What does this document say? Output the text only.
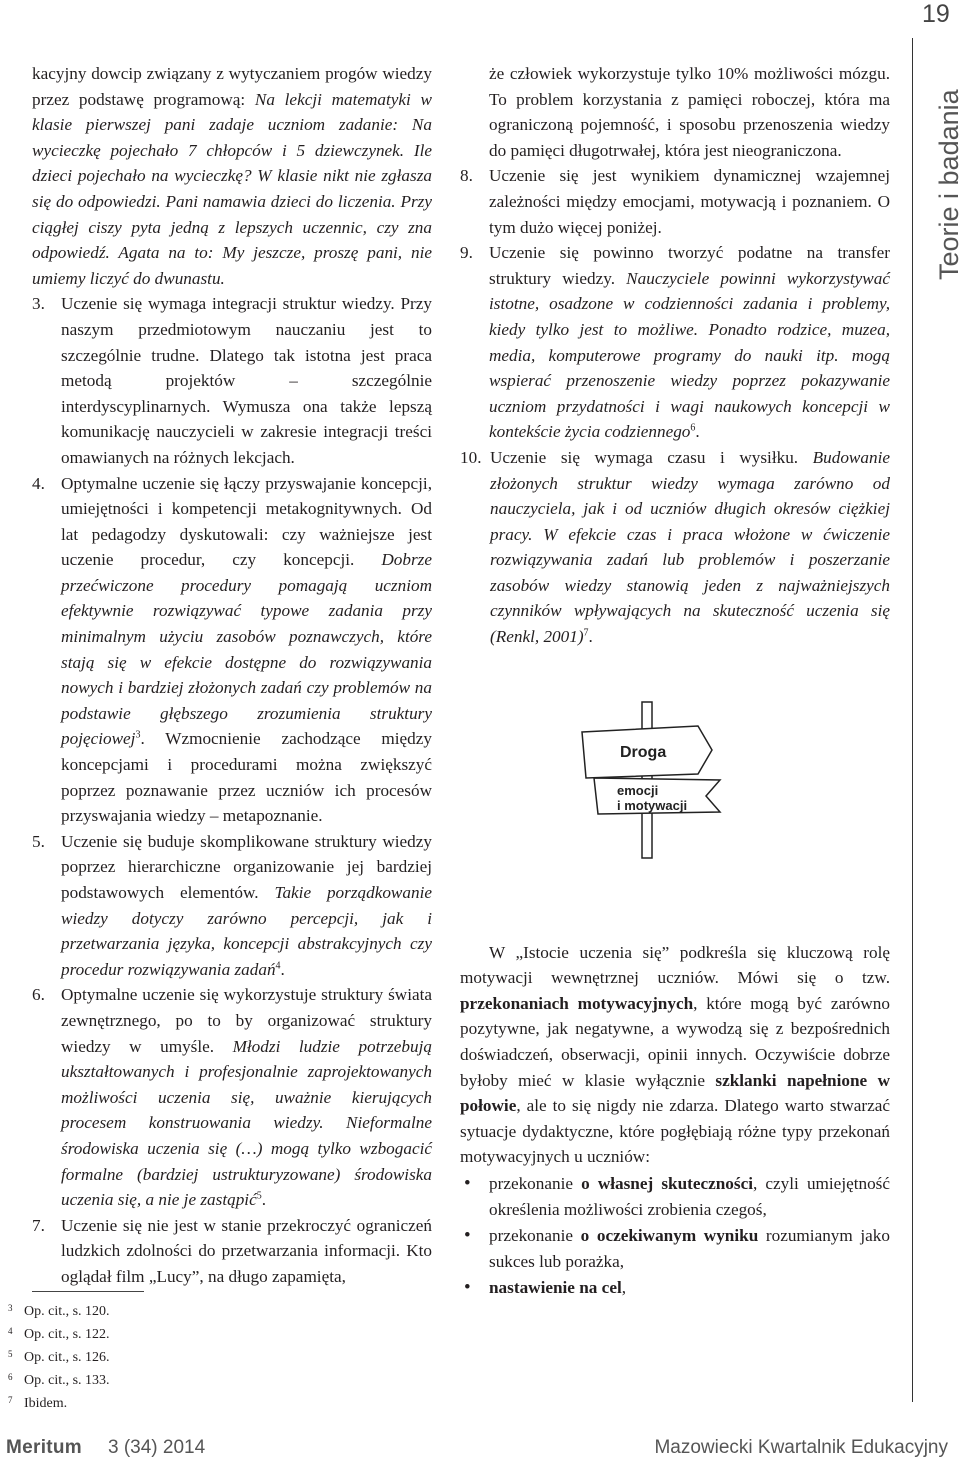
19
Teorie i badania

kacyjny dowcip związany z wytyczaniem progów wiedzy przez podstawę programową: Na lekcji matematyki w klasie pierwszej pani zadaje uczniom zadanie: Na wycieczkę pojechało 7 chłopców i 5 dziewczynek. Ile dzieci pojechało na wycieczkę? W klasie nikt nie zgłasza się do odpowiedzi. Pani namawia dzieci do liczenia. Przy ciągłej ciszy pyta jedną z lepszych uczennic, czy zna odpowiedź. Agata na to: My jeszcze, proszę pani, nie umiemy liczyć do dwunastu.

3. Uczenie się wymaga integracji struktur wiedzy. Przy naszym przedmiotowym nauczaniu jest to szczególnie trudne. Dlatego tak istotna jest praca metodą projektów – szczególnie interdyscyplinarnych. Wymusza ona także lepszą komunikację nauczycieli w zakresie integracji treści omawianych na różnych lekcjach.

4. Optymalne uczenie się łączy przyswajanie koncepcji, umiejętności i kompetencji metakognitywnych. Od lat pedagodzy dyskutowali: czy ważniejsze jest uczenie procedur, czy koncepcji. Dobrze przećwiczone procedury pomagają uczniom efektywnie rozwiązywać typowe zadania przy minimalnym użyciu zasobów poznawczych, które stają się w efekcie dostępne do rozwiązywania nowych i bardziej złożonych zadań czy problemów na podstawie głębszego zrozumienia struktury pojęciowej$^3$. Wzmocnienie zachodzące między koncepcjami i procedurami można zwiększyć poprzez poznawanie przez uczniów ich procesów przyswajania wiedzy – metapoznanie.

5. Uczenie się buduje skomplikowane struktury wiedzy poprzez hierarchiczne organizowanie jej bardziej podstawowych elementów. Takie porządkowanie wiedzy dotyczy zarówno percepcji, jak i przetwarzania języka, koncepcji abstrakcyjnych czy procedur rozwiązywania zadań$^4$.

6. Optymalne uczenie się wykorzystuje struktury świata zewnętrznego, po to by organizować struktury wiedzy w umyśle. Młodzi ludzie potrzebują ukształtowanych i profesjonalnie zaprojektowanych możliwości uczenia się, uważnie kierujących procesem konstruowania wiedzy. Nieformalne środowiska uczenia się (…) mogą tylko wzbogacić formalne (bardziej ustrukturyzowane) środowiska uczenia się, a nie je zastąpić$^5$.

7. Uczenie się nie jest w stanie przekroczyć ograniczeń ludzkich zdolności do przetwarzania informacji. Kto oglądał film „Lucy”, na długo zapamięta,

że człowiek wykorzystuje tylko 10% możliwości mózgu. To problem korzystania z pamięci roboczej, która ma ograniczoną pojemność, i sposobu przenoszenia wiedzy do pamięci długotrwałej, która jest nieograniczona.

8. Uczenie się jest wynikiem dynamicznej wzajemnej zależności między emocjami, motywacją i poznaniem. O tym dużo więcej poniżej.

9. Uczenie się powinno tworzyć podatne na transfer struktury wiedzy. Nauczyciele powinni wykorzystywać istotne, osadzone w codzienności zadania i problemy, kiedy tylko jest to możliwe. Ponadto rodzice, muzea, media, komputerowe programy do nauki itp. mogą wspierać przenoszenie wiedzy poprzez pokazywanie uczniom przydatności i wagi naukowych koncepcji w kontekście życia codziennego$^6$.

10. Uczenie się wymaga czasu i wysiłku. Budowanie złożonych struktur wiedzy wymaga zarówno od nauczyciela, jak i od uczniów długich okresów ciężkiej pracy. W efekcie czas i praca włożone w ćwiczenie rozwiązywania zadań lub problemów i poszerzanie zasobów wiedzy stanowią jeden z najważniejszych czynników wpływających na skuteczność uczenia się (Renkl, 2001)$^7$.

W „Istocie uczenia się” podkreśla się kluczową rolę motywacji wewnętrznej uczniów. Mówi się o tzw. przekonaniach motywacyjnych, które mogą być zarówno pozytywne, jak negatywne, a wywodzą się z bezpośrednich doświadczeń, obserwacji, opinii innych. Oczywiście dobrze byłoby mieć w klasie wyłącznie szklanki napełnione w połowie, ale to się nigdy nie zdarza. Dlatego warto stwarzać sytuacje dydaktyczne, które pogłębiają różne typy przekonań motywacyjnych u uczniów:

• przekonanie o własnej skuteczności, czyli umiejętność określenia możliwości zrobienia czegoś,

• przekonanie o oczekiwanym wyniku rozumianym jako sukces lub porażka,

• nastawienie na cel,

Droga
emocji
i motywacji
3 Op. cit., s. 120.
4 Op. cit., s. 122.
5 Op. cit., s. 126.
6 Op. cit., s. 133.
7 Ibidem.
Meritum 3 (34) 2014	Mazowiecki Kwartalnik Edukacyjny
